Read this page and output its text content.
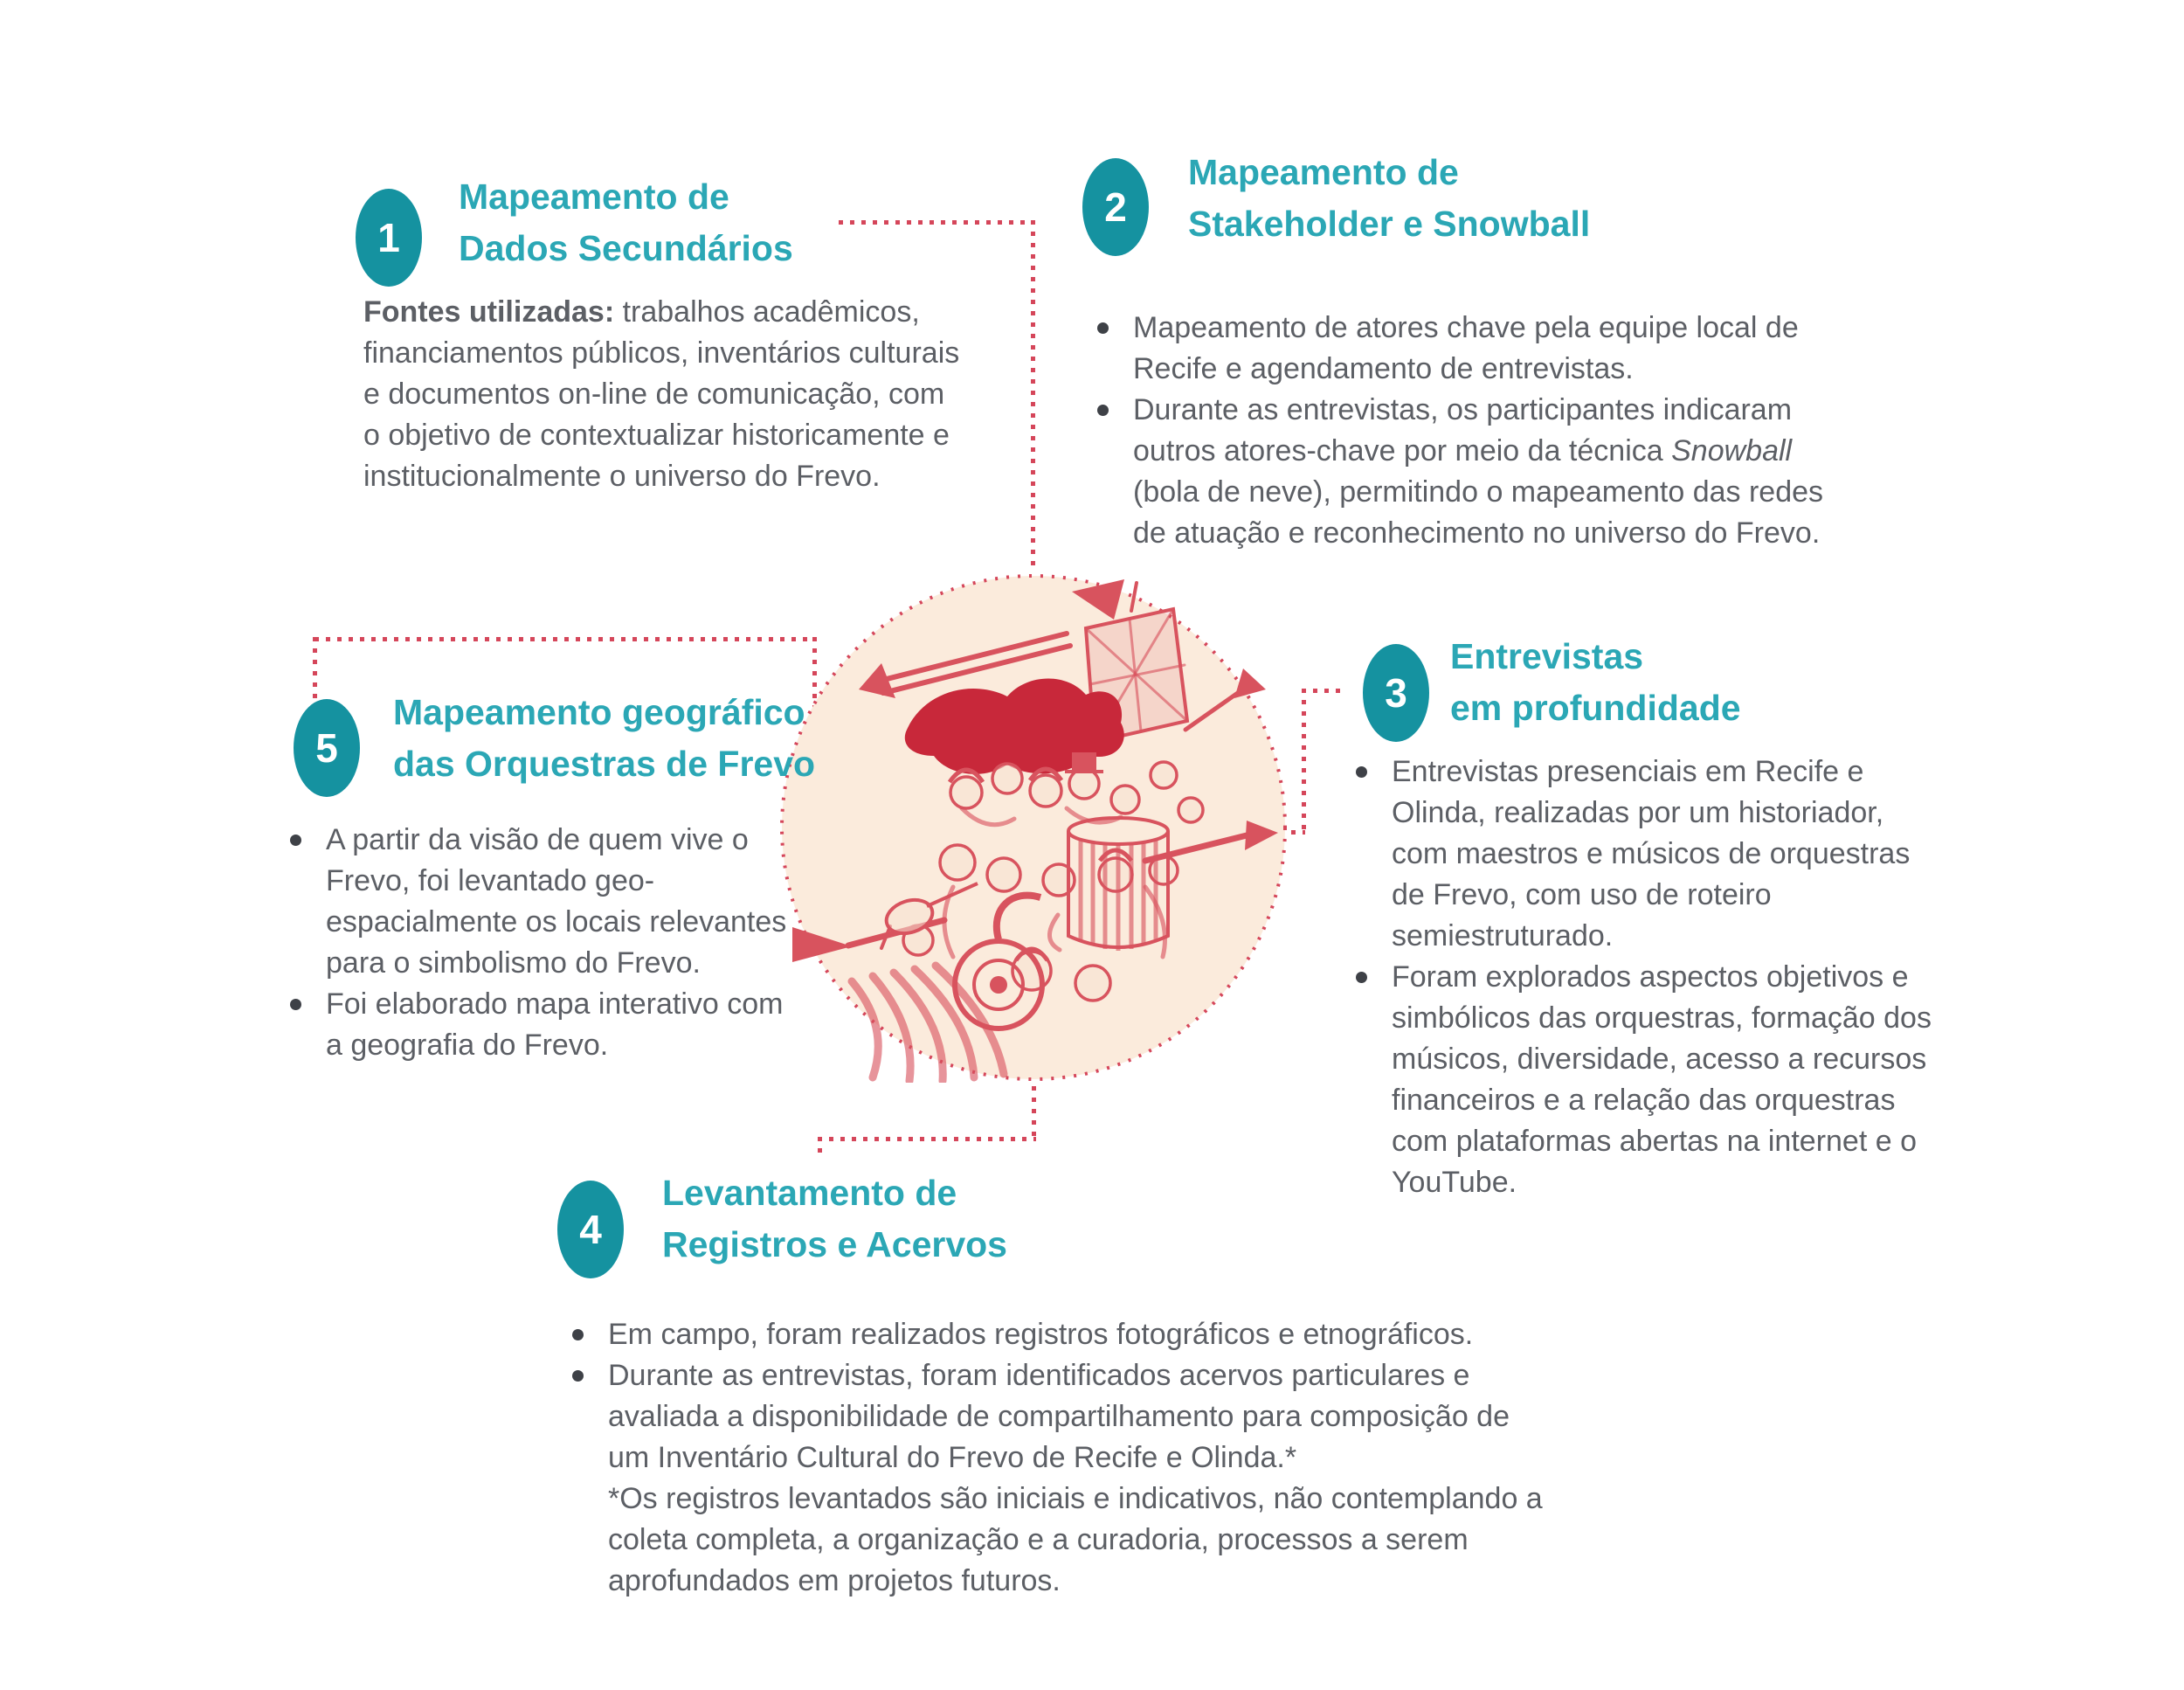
1
Mapeamento de
Dados Secundários

Fontes utilizadas: trabalhos acadêmicos, financiamentos públicos, inventários culturais e documentos on-line de comunicação, com o objetivo de contextualizar historicamente e institucionalmente o universo do Frevo.

2
Mapeamento de
Stakeholder e Snowball
Mapeamento de atores chave pela equipe local de Recife e agendamento de entrevistas.
Durante as entrevistas, os participantes indicaram outros atores-chave por meio da técnica Snowball (bola de neve), permitindo o mapeamento das redes de atuação e reconhecimento no universo do Frevo.
3
Entrevistas
em profundidade
Entrevistas presenciais em Recife e Olinda, realizadas por um historiador, com maestros e músicos de orquestras de Frevo, com uso de roteiro semiestruturado.
Foram explorados aspectos objetivos e simbólicos das orquestras, formação dos músicos, diversidade, acesso a recursos financeiros e a relação das orquestras com plataformas abertas na internet e o YouTube.
5
Mapeamento geográfico
das Orquestras de Frevo
A partir da visão de quem vive o Frevo, foi levantado geo-espacialmente os locais relevantes para o simbolismo do Frevo.
Foi elaborado mapa interativo com a geografia do Frevo.
4
Levantamento de
Registros e Acervos
Em campo, foram realizados registros fotográficos e etnográficos.
Durante as entrevistas, foram identificados acervos particulares e avaliada a disponibilidade de compartilhamento para composição de um Inventário Cultural do Frevo de Recife e Olinda.*

*Os registros levantados são iniciais e indicativos, não contemplando a coleta completa, a organização e a curadoria, processos a serem aprofundados em projetos futuros.
